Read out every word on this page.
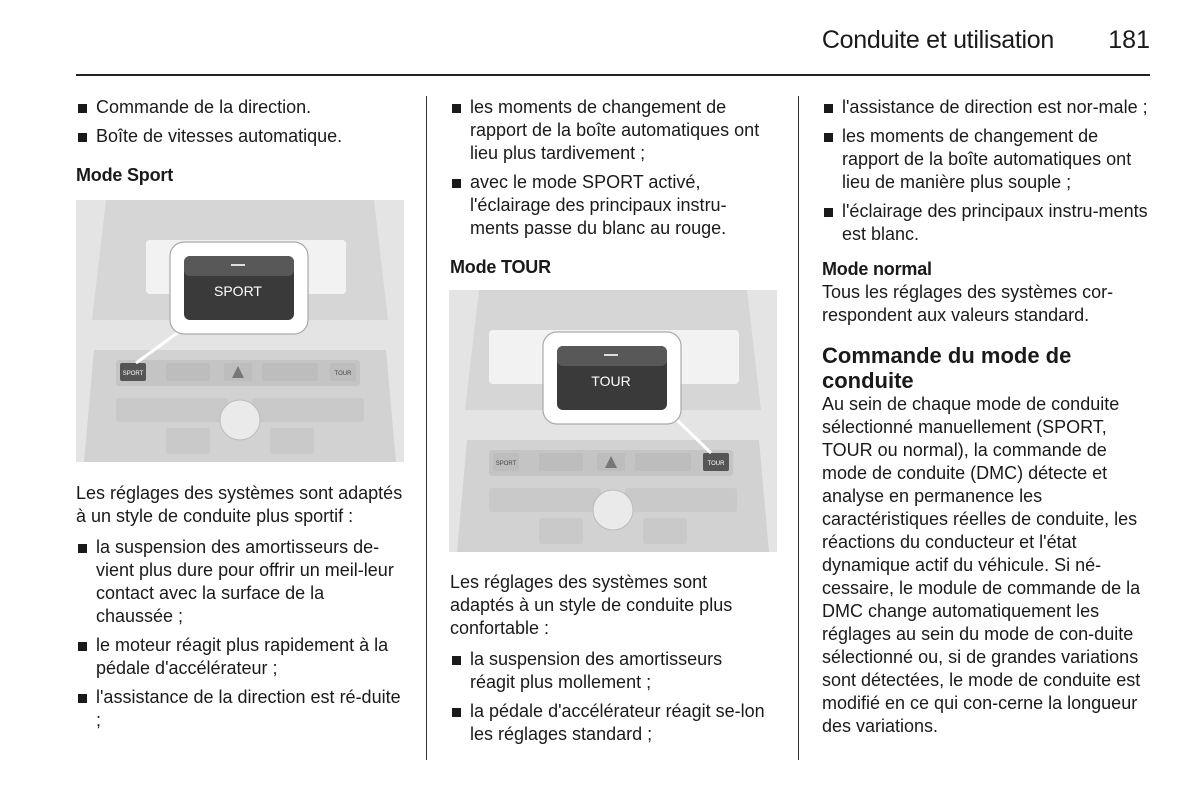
Conduite et utilisation 181
Commande de la direction.
Boîte de vitesses automatique.

Mode Sport

SPORT	TOUR
SPORT

Les réglages des systèmes sont adaptés à un style de conduite plus sportif :

la suspension des amortisseurs de-vient plus dure pour offrir un meil-leur contact avec la surface de la chaussée ;
le moteur réagit plus rapidement à la pédale d'accélérateur ;
l'assistance de la direction est ré-duite ;
les moments de changement de rapport de la boîte automatiques ont lieu plus tardivement ;
avec le mode SPORT activé, l'éclairage des principaux instru-ments passe du blanc au rouge.

Mode TOUR

SPORT	TOUR
TOUR

Les réglages des systèmes sont adaptés à un style de conduite plus confortable :

la suspension des amortisseurs réagit plus mollement ;
la pédale d'accélérateur réagit se-lon les réglages standard ;
l'assistance de direction est nor-male ;
les moments de changement de rapport de la boîte automatiques ont lieu de manière plus souple ;
l'éclairage des principaux instru-ments est blanc.

Mode normal

Tous les réglages des systèmes cor-respondent aux valeurs standard.

Commande du mode de conduite

Au sein de chaque mode de conduite sélectionné manuellement (SPORT, TOUR ou normal), la commande de mode de conduite (DMC) détecte et analyse en permanence les caractéristiques réelles de conduite, les réactions du conducteur et l'état dynamique actif du véhicule. Si né-cessaire, le module de commande de la DMC change automatiquement les réglages au sein du mode de con-duite sélectionné ou, si de grandes variations sont détectées, le mode de conduite est modifié en ce qui con-cerne la longueur des variations.
